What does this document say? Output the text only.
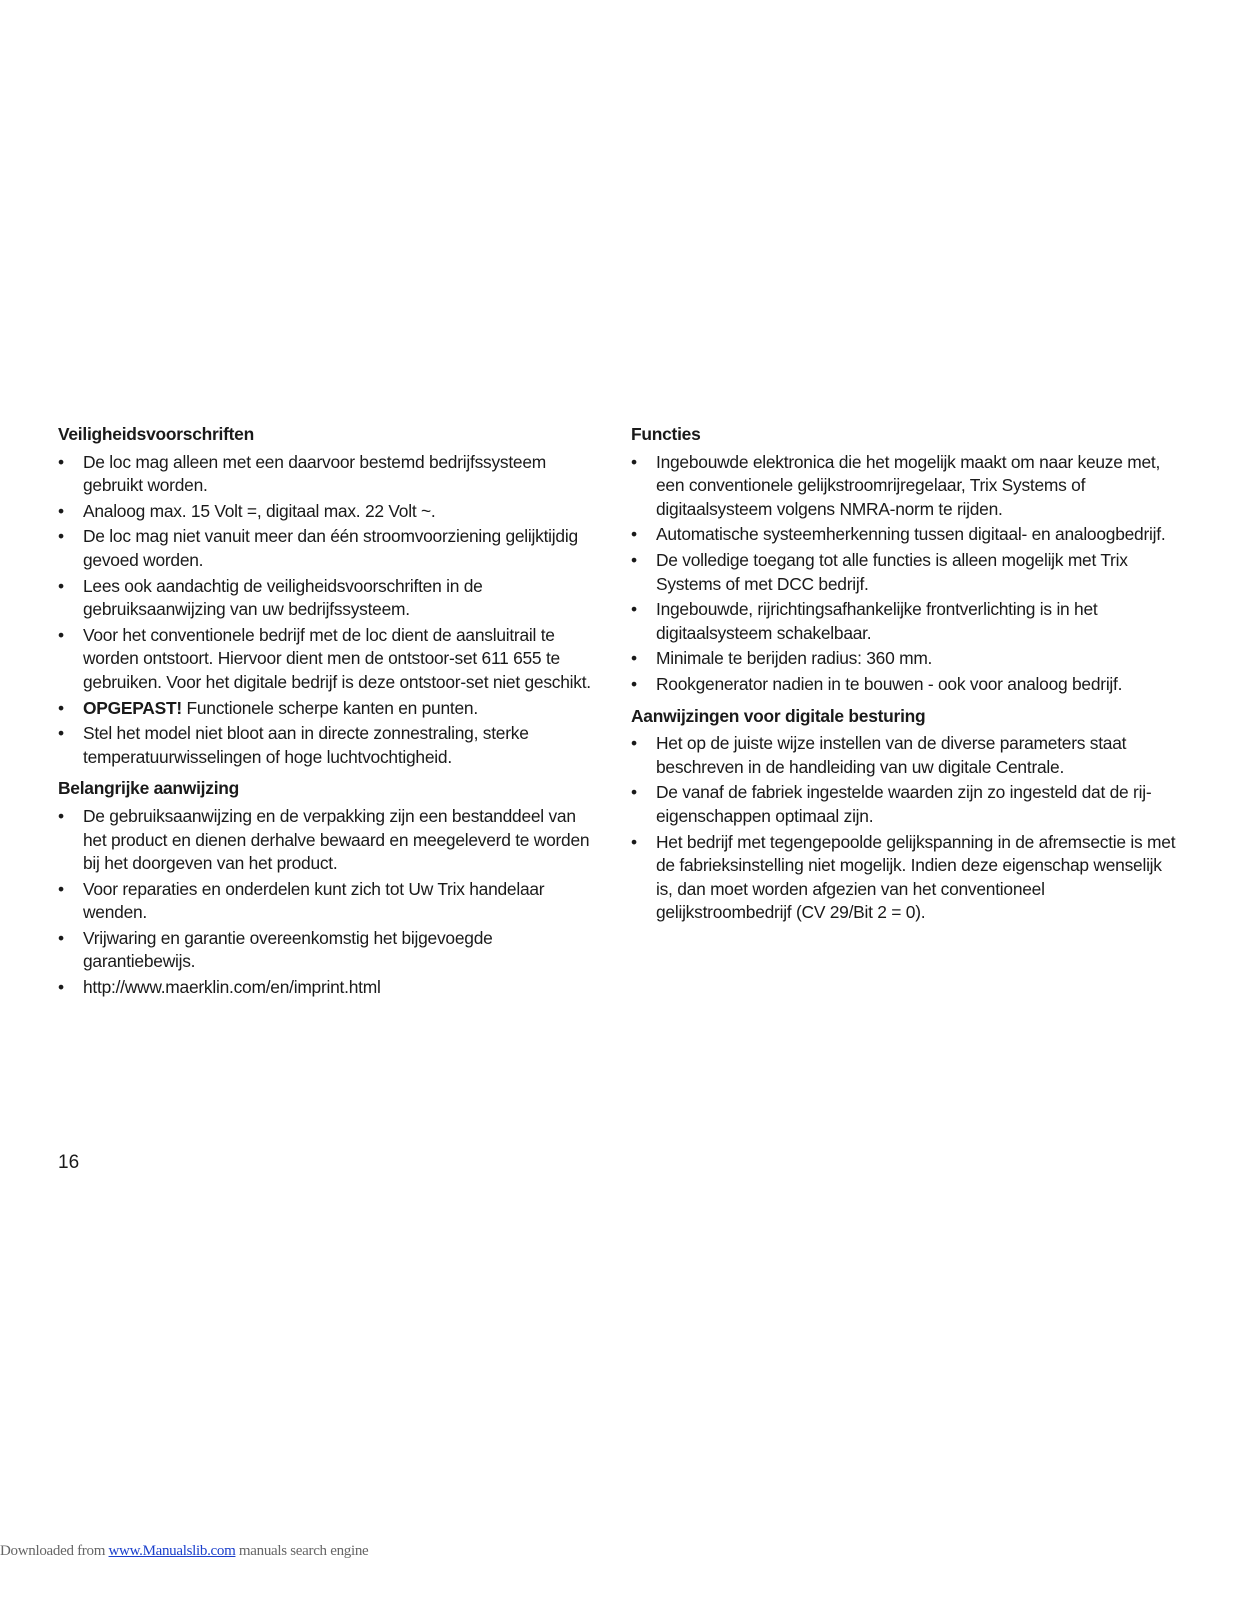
Veiligheidsvoorschriften
•	De loc mag alleen met een daarvoor bestemd bedrijfssysteem gebruikt worden.
•	Analoog max. 15 Volt =, digitaal max. 22 Volt ~.
•	De loc mag niet vanuit meer dan één stroomvoorziening gelijktijdig gevoed worden.
•	Lees ook aandachtig de veiligheidsvoorschriften in de gebruiksaanwijzing van uw bedrijfssysteem.
•	Voor het conventionele bedrijf met de loc dient de aansluitrail te worden ontstoort. Hiervoor dient men de ontstoor-set 611 655 te gebruiken. Voor het digitale bedrijf is deze ontstoor-set niet geschikt.
•	OPGEPAST! Functionele scherpe kanten en punten.
•	Stel het model niet bloot aan in directe zonnestraling, sterke temperatuurwisselingen of hoge luchtvochtigheid.
Belangrijke aanwijzing
•	De gebruiksaanwijzing en de verpakking zijn een bestanddeel van het product en dienen derhalve bewaard en meegeleverd te worden bij het doorgeven van het product.
•	Voor reparaties en onderdelen kunt zich tot Uw Trix handelaar wenden.
•	Vrijwaring en garantie overeenkomstig het bijgevoegde garantiebewijs.
•	http://www.maerklin.com/en/imprint.html
Functies
•	Ingebouwde elektronica die het mogelijk maakt om naar keuze met, een conventionele gelijkstroomrijregelaar, Trix Systems of digitaalsysteem volgens NMRA-norm te rijden.
•	Automatische systeemherkenning tussen digitaal- en analoogbedrijf.
•	De volledige toegang tot alle functies is alleen mogelijk met Trix Systems of met DCC bedrijf.
•	Ingebouwde, rijrichtingsafhankelijke frontverlichting is in het digitaalsysteem schakelbaar.
•	Minimale te berijden radius: 360 mm.
•	Rookgenerator nadien in te bouwen - ook voor analoog bedrijf.
Aanwijzingen voor digitale besturing
•	Het op de juiste wijze instellen van de diverse parameters staat beschreven in de handleiding van uw digitale Centrale.
•	De vanaf de fabriek ingestelde waarden zijn zo ingesteld dat de rij-eigenschappen optimaal zijn.
•	Het bedrijf met tegengepoolde gelijkspanning in de afremsectie is met de fabrieksinstelling niet mogelijk. Indien deze eigenschap wenselijk is, dan moet worden afgezien van het conventioneel gelijkstroombedrijf (CV 29/Bit 2 = 0).
16
Downloaded from www.Manualslib.com manuals search engine
